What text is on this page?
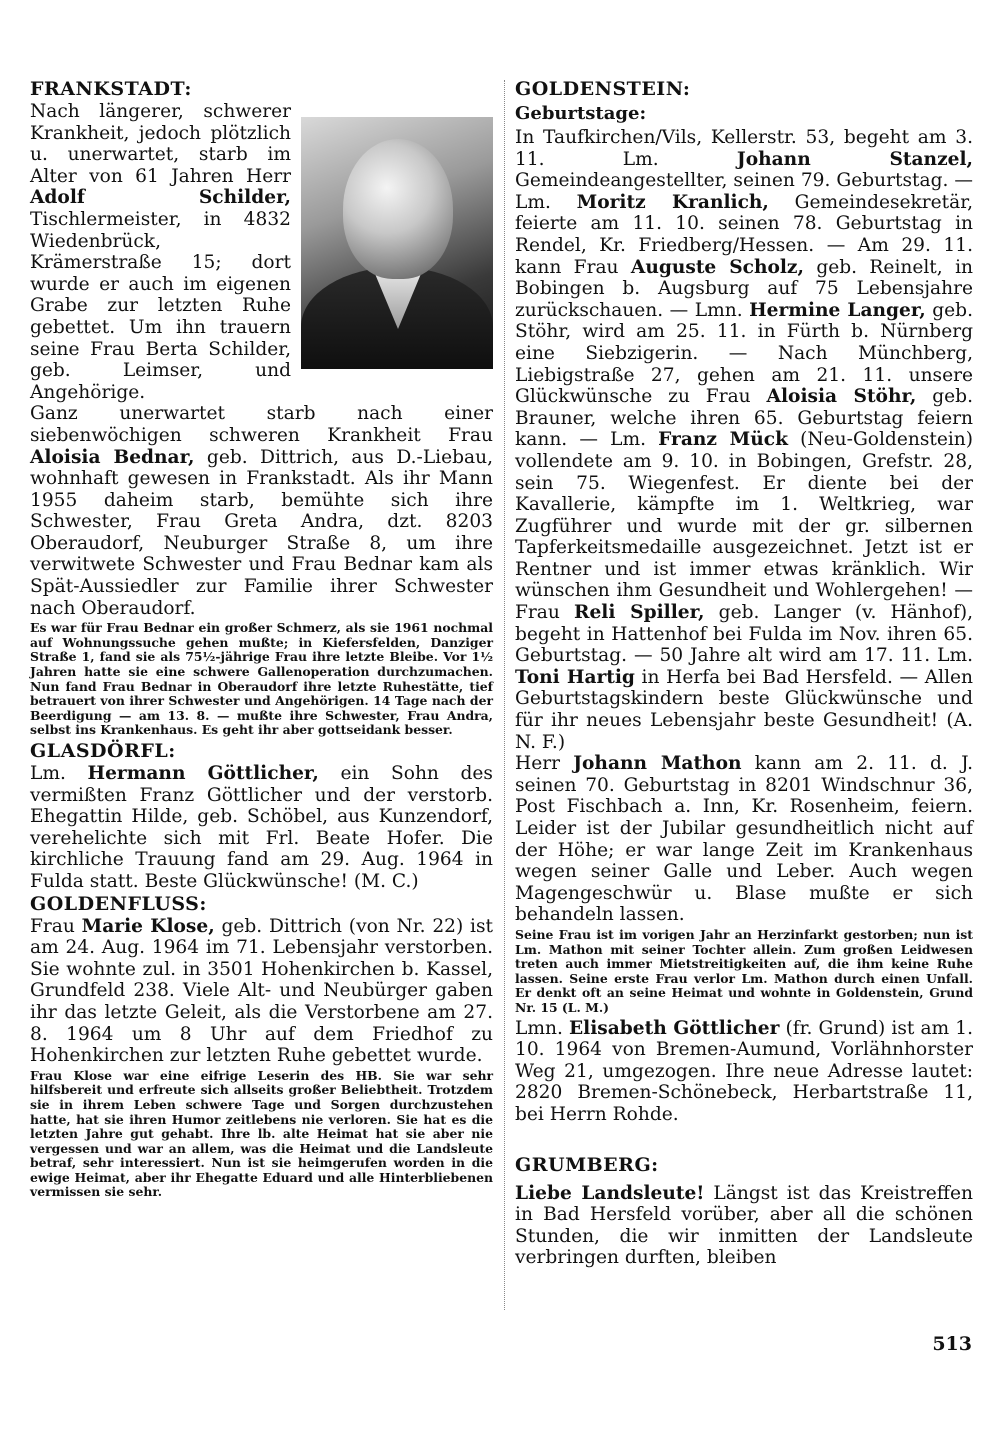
FRANKSTADT:

Nach längerer, schwerer Krankheit, jedoch plötzlich u. unerwartet, starb im Alter von 61 Jahren Herr Adolf Schilder, Tischlermeister, in 4832 Wiedenbrück, Krämerstraße 15; dort wurde er auch im eigenen Grabe zur letzten Ruhe gebettet. Um ihn trauern seine Frau Berta Schilder, geb. Leimser, und Angehörige.

Ganz unerwartet starb nach einer siebenwöchigen schweren Krankheit Frau Aloisia Bednar, geb. Dittrich, aus D.-Liebau, wohnhaft gewesen in Frankstadt. Als ihr Mann 1955 daheim starb, bemühte sich ihre Schwester, Frau Greta Andra, dzt. 8203 Oberaudorf, Neuburger Straße 8, um ihre verwitwete Schwester und Frau Bednar kam als Spät-Aussiedler zur Familie ihrer Schwester nach Oberaudorf.

Es war für Frau Bednar ein großer Schmerz, als sie 1961 nochmal auf Wohnungssuche gehen mußte; in Kiefersfelden, Danziger Straße 1, fand sie als 75½-jährige Frau ihre letzte Bleibe. Vor 1½ Jahren hatte sie eine schwere Gallenoperation durchzumachen. Nun fand Frau Bednar in Oberaudorf ihre letzte Ruhestätte, tief betrauert von ihrer Schwester und Angehörigen. 14 Tage nach der Beerdigung — am 13. 8. — mußte ihre Schwester, Frau Andra, selbst ins Krankenhaus. Es geht ihr aber gottseidank besser.

GLASDÖRFL:

Lm. Hermann Göttlicher, ein Sohn des vermißten Franz Göttlicher und der verstorb. Ehegattin Hilde, geb. Schöbel, aus Kunzendorf, verehelichte sich mit Frl. Beate Hofer. Die kirchliche Trauung fand am 29. Aug. 1964 in Fulda statt. Beste Glückwünsche! (M. C.)

GOLDENFLUSS:

Frau Marie Klose, geb. Dittrich (von Nr. 22) ist am 24. Aug. 1964 im 71. Lebensjahr verstorben. Sie wohnte zul. in 3501 Hohenkirchen b. Kassel, Grundfeld 238. Viele Alt- und Neubürger gaben ihr das letzte Geleit, als die Verstorbene am 27. 8. 1964 um 8 Uhr auf dem Friedhof zu Hohenkirchen zur letzten Ruhe gebettet wurde.

Frau Klose war eine eifrige Leserin des HB. Sie war sehr hilfsbereit und erfreute sich allseits großer Beliebtheit. Trotzdem sie in ihrem Leben schwere Tage und Sorgen durchzustehen hatte, hat sie ihren Humor zeitlebens nie verloren. Sie hat es die letzten Jahre gut gehabt. Ihre lb. alte Heimat hat sie aber nie vergessen und war an allem, was die Heimat und die Landsleute betraf, sehr interessiert. Nun ist sie heimgerufen worden in die ewige Heimat, aber ihr Ehegatte Eduard und alle Hinterbliebenen vermissen sie sehr.

GOLDENSTEIN:
Geburtstage:

In Taufkirchen/Vils, Kellerstr. 53, begeht am 3. 11. Lm. Johann Stanzel, Gemeindeangestellter, seinen 79. Geburtstag. — Lm. Moritz Kranlich, Gemeindesekretär, feierte am 11. 10. seinen 78. Geburtstag in Rendel, Kr. Friedberg/Hessen. — Am 29. 11. kann Frau Auguste Scholz, geb. Reinelt, in Bobingen b. Augsburg auf 75 Lebensjahre zurückschauen. — Lmn. Hermine Langer, geb. Stöhr, wird am 25. 11. in Fürth b. Nürnberg eine Siebzigerin. — Nach Münchberg, Liebigstraße 27, gehen am 21. 11. unsere Glückwünsche zu Frau Aloisia Stöhr, geb. Brauner, welche ihren 65. Geburtstag feiern kann. — Lm. Franz Mück (Neu-Goldenstein) vollendete am 9. 10. in Bobingen, Grefstr. 28, sein 75. Wiegenfest. Er diente bei der Kavallerie, kämpfte im 1. Weltkrieg, war Zugführer und wurde mit der gr. silbernen Tapferkeitsmedaille ausgezeichnet. Jetzt ist er Rentner und ist immer etwas kränklich. Wir wünschen ihm Gesundheit und Wohlergehen! — Frau Reli Spiller, geb. Langer (v. Hänhof), begeht in Hattenhof bei Fulda im Nov. ihren 65. Geburtstag. — 50 Jahre alt wird am 17. 11. Lm. Toni Hartig in Herfa bei Bad Hersfeld. — Allen Geburtstagskindern beste Glückwünsche und für ihr neues Lebensjahr beste Gesundheit! (A. N. F.)

Herr Johann Mathon kann am 2. 11. d. J. seinen 70. Geburtstag in 8201 Windschnur 36, Post Fischbach a. Inn, Kr. Rosenheim, feiern. Leider ist der Jubilar gesundheitlich nicht auf der Höhe; er war lange Zeit im Krankenhaus wegen seiner Galle und Leber. Auch wegen Magengeschwür u. Blase mußte er sich behandeln lassen.

Seine Frau ist im vorigen Jahr an Herzinfarkt gestorben; nun ist Lm. Mathon mit seiner Tochter allein. Zum großen Leidwesen treten auch immer Mietstreitigkeiten auf, die ihm keine Ruhe lassen. Seine erste Frau verlor Lm. Mathon durch einen Unfall. Er denkt oft an seine Heimat und wohnte in Goldenstein, Grund Nr. 15 (L. M.)

Lmn. Elisabeth Göttlicher (fr. Grund) ist am 1. 10. 1964 von Bremen-Aumund, Vorlähnhorster Weg 21, umgezogen. Ihre neue Adresse lautet: 2820 Bremen-Schönebeck, Herbartstraße 11, bei Herrn Rohde.

GRUMBERG:

Liebe Landsleute! Längst ist das Kreistreffen in Bad Hersfeld vorüber, aber all die schönen Stunden, die wir inmitten der Landsleute verbringen durften, bleiben

513
